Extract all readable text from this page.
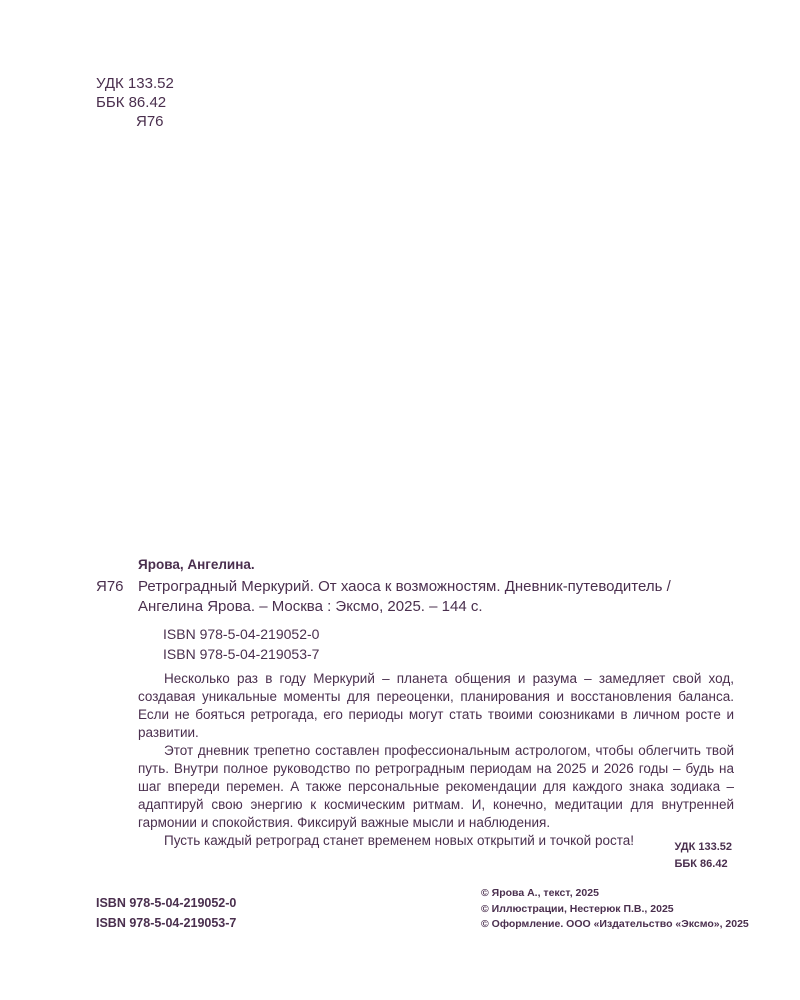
УДК 133.52
ББК 86.42
Я76
Ярова, Ангелина.
Я76 Ретроградный Меркурий. От хаоса к возможностям. Дневник-путеводитель / Ангелина Ярова. – Москва : Эксмо, 2025. – 144 с.
ISBN 978-5-04-219052-0
ISBN 978-5-04-219053-7

Несколько раз в году Меркурий – планета общения и разума – замедляет свой ход, создавая уникальные моменты для переоценки, планирования и восстановления баланса. Если не бояться ретрогада, его периоды могут стать твоими союзниками в личном росте и развитии.

Этот дневник трепетно составлен профессиональным астрологом, чтобы облегчить твой путь. Внутри полное руководство по ретроградным периодам на 2025 и 2026 годы – будь на шаг впереди перемен. А также персональные рекомендации для каждого знака зодиака – адаптируй свою энергию к космическим ритмам. И, конечно, медитации для внутренней гармонии и спокойствия. Фиксируй важные мысли и наблюдения.

Пусть каждый ретроград станет временем новых открытий и точкой роста!	УДК 133.52
ББК 86.42
ISBN 978-5-04-219052-0
ISBN 978-5-04-219053-7
© Ярова А., текст, 2025
© Иллюстрации, Нестерюк П.В., 2025
© Оформление. ООО «Издательство «Эксмо», 2025
